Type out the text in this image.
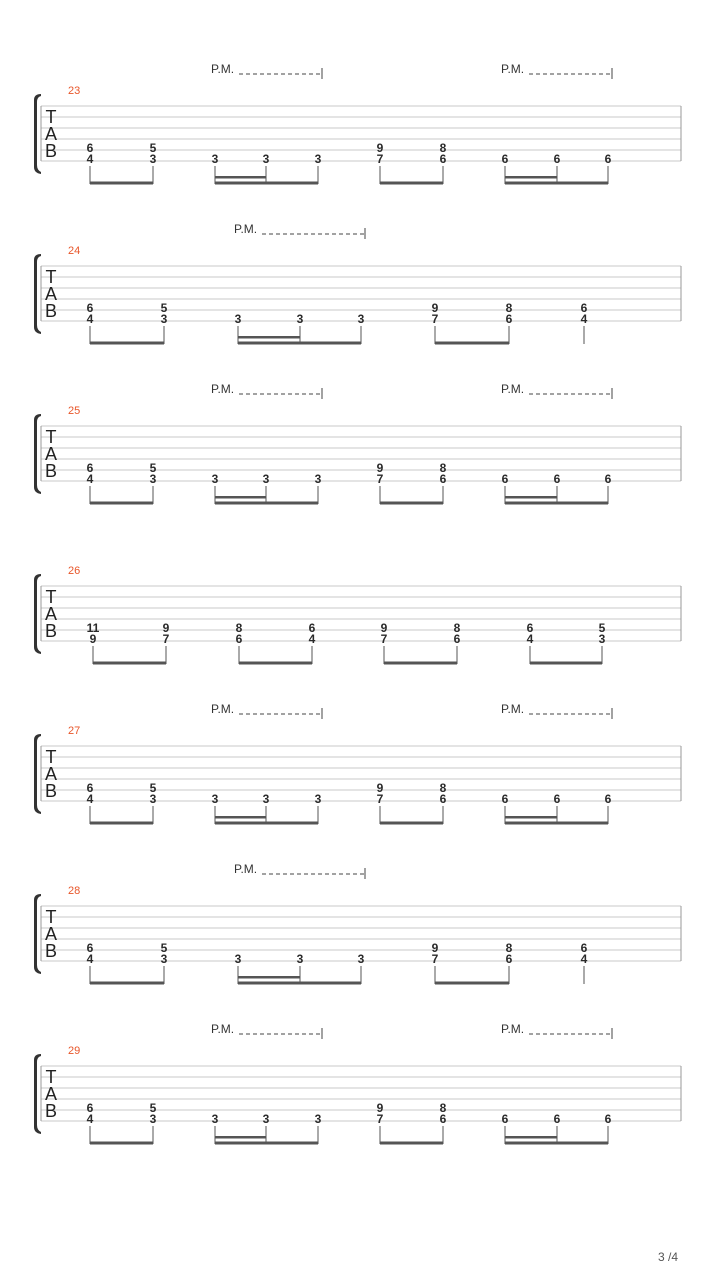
T
A
B
23
6
4
5
3	3	3	3
9
7
8
6	6	6	6
P.M.	P.M.
T
A
B
24
6
4
5
3	3	3	3
9
7
8
6
6
4
P.M.
T
A
B
25
6
4
5
3	3	3	3
9
7
8
6	6	6	6
P.M.	P.M.
T
A
B
26
11
9
9
7
8
6
6
4
9
7
8
6
6
4
5
3
T
A
B
27
6
4
5
3	3	3	3
9
7
8
6	6	6	6
P.M.	P.M.
T
A
B
28
6
4
5
3	3	3	3
9
7
8
6
6
4
P.M.
T
A
B
29
6
4
5
3	3	3	3
9
7
8
6	6	6	6
P.M.	P.M.
3 /4
